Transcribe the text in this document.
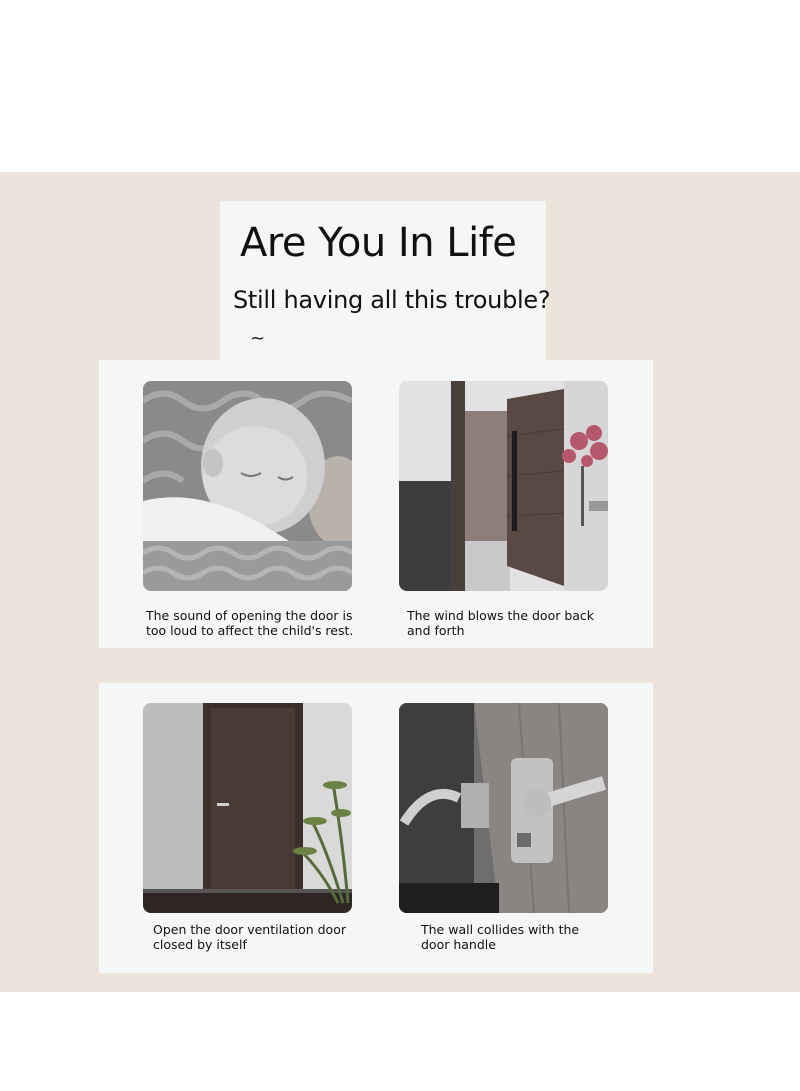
Are You In Life
Still having all this trouble?
~
The sound of opening the door is
too loud to affect the child's rest.
The wind blows the door back
and forth
Open the door ventilation door
closed by itself
The wall collides with the
door handle
